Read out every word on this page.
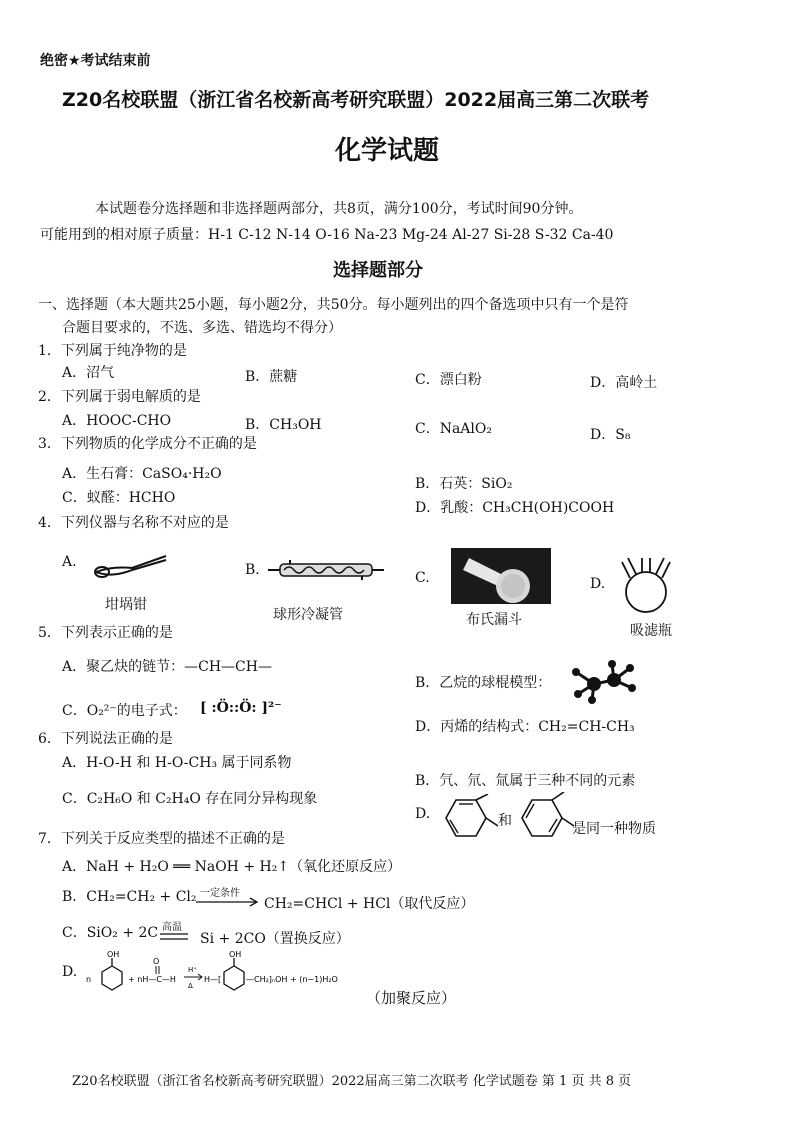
绝密★考试结束前
Z20名校联盟（浙江省名校新高考研究联盟）2022届高三第二次联考
化学试题
本试题卷分选择题和非选择题两部分，共8页，满分100分，考试时间90分钟。
可能用到的相对原子质量：H-1 C-12 N-14 O-16 Na-23 Mg-24 Al-27 Si-28 S-32 Ca-40
选择题部分
一、选择题（本大题共25小题，每小题2分，共50分。每小题列出的四个备选项中只有一个是符
合题目要求的，不选、多选、错选均不得分）
1．下列属于纯净物的是
A．沼气	B．蔗糖	C．漂白粉	D．高岭土
2．下列属于弱电解质的是
A．HOOC-CHO	B．CH₃OH	C．NaAlO₂	D．S₈
3．下列物质的化学成分不正确的是
A．生石膏：CaSO₄·H₂O
B．石英：SiO₂
C．蚁醛：HCHO
D．乳酸：CH₃CH(OH)COOH
4．下列仪器与名称不对应的是
A.
坩埚钳
B.
球形冷凝管
C.
布氏漏斗
D.
吸滤瓶
5．下列表示正确的是
A．聚乙炔的链节：—CH—CH—
B．乙烷的球棍模型：
C．O₂²⁻的电子式： [ :Ö::Ö: ]²⁻
D．丙烯的结构式：CH₂=CH-CH₃
6．下列说法正确的是
A．H-O-H 和 H-O-CH₃ 属于同系物
B．氕、氘、氚属于三种不同的元素
C．C₂H₆O 和 C₂H₄O 存在同分异构现象
D.	和	是同一种物质
7．下列关于反应类型的描述不正确的是
A．NaH + H₂O ══ NaOH + H₂↑（氧化还原反应）
B．CH₂=CH₂ + Cl₂ 一定条件
→ CH₂=CHCl + HCl（取代反应）
C．SiO₂ + 2C 高温
Si + 2CO（置换反应）
D.
OH
n	+ nH—C—H
O
H⁺
Δ
H—[
OH
—CH₂]ₙOH + (n−1)H₂O
（加聚反应）
Z20名校联盟（浙江省名校新高考研究联盟）2022届高三第二次联考 化学试题卷 第 1 页 共 8 页
